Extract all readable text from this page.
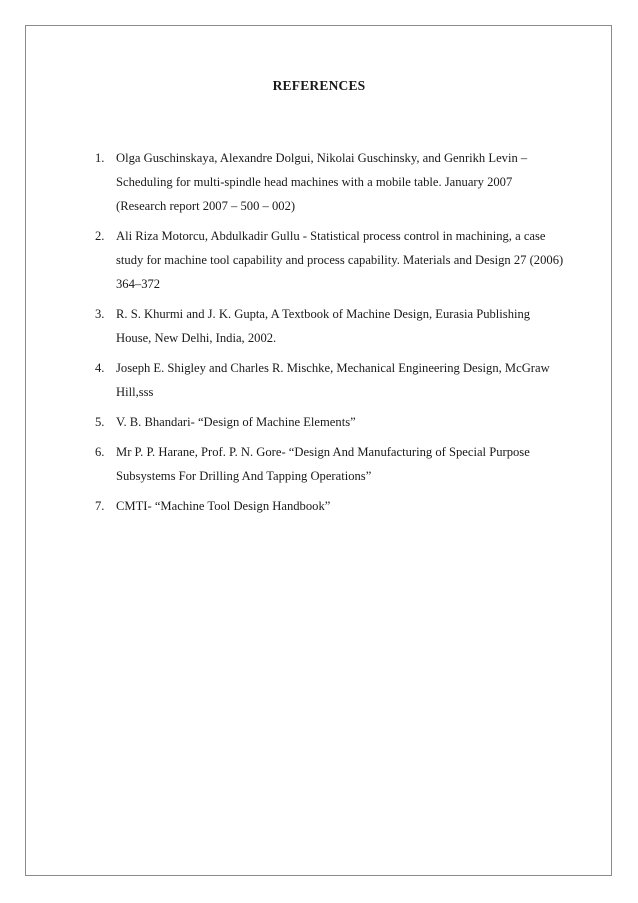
REFERENCES
1. Olga Guschinskaya, Alexandre Dolgui, Nikolai Guschinsky, and Genrikh Levin – Scheduling for multi-spindle head machines with a mobile table. January 2007 (Research report 2007 – 500 – 002)
2. Ali Riza Motorcu, Abdulkadir Gullu - Statistical process control in machining, a case study for machine tool capability and process capability. Materials and Design 27 (2006) 364–372
3. R. S. Khurmi and J. K. Gupta, A Textbook of Machine Design, Eurasia Publishing House, New Delhi, India, 2002.
4. Joseph E. Shigley and Charles R. Mischke, Mechanical Engineering Design, McGraw Hill,sss
5. V. B. Bhandari- “Design of Machine Elements”
6. Mr P. P. Harane, Prof. P. N. Gore- “Design And Manufacturing of Special Purpose Subsystems For Drilling And Tapping Operations”
7. CMTI- “Machine Tool Design Handbook”
